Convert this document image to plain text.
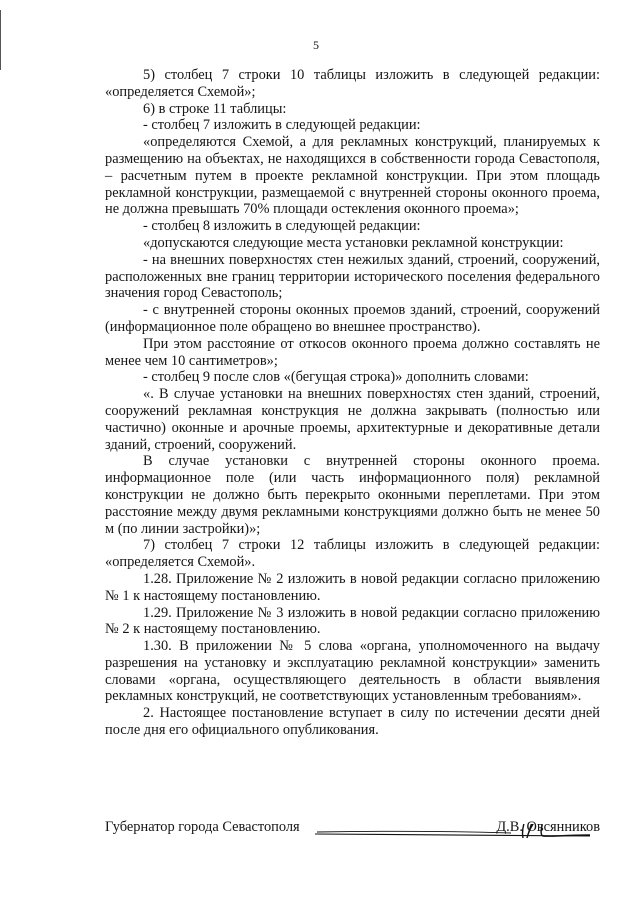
5

5) столбец 7 строки 10 таблицы изложить в следующей редакции: «определяется Схемой»;

6) в строке 11 таблицы:

- столбец 7 изложить в следующей редакции:

«определяются Схемой, а для рекламных конструкций, планируемых к размещению на объектах, не находящихся в собственности города Севастополя, – расчетным путем в проекте рекламной конструкции. При этом площадь рекламной конструкции, размещаемой с внутренней стороны оконного проема, не должна превышать 70% площади остекления оконного проема»;

- столбец 8 изложить в следующей редакции:

«допускаются следующие места установки рекламной конструкции:

- на внешних поверхностях стен нежилых зданий, строений, сооружений, расположенных вне границ территории исторического поселения федерального значения город Севастополь;

- с внутренней стороны оконных проемов зданий, строений, сооружений (информационное поле обращено во внешнее пространство).

При этом расстояние от откосов оконного проема должно составлять не менее чем 10 сантиметров»;

- столбец 9 после слов «(бегущая строка)» дополнить словами:

«. В случае установки на внешних поверхностях стен зданий, строений, сооружений рекламная конструкция не должна закрывать (полностью или частично) оконные и арочные проемы, архитектурные и декоративные детали зданий, строений, сооружений.

В случае установки с внутренней стороны оконного проема. информационное поле (или часть информационного поля) рекламной конструкции не должно быть перекрыто оконными переплетами. При этом расстояние между двумя рекламными конструкциями должно быть не менее 50 м (по линии застройки)»;

7) столбец 7 строки 12 таблицы изложить в следующей редакции: «определяется Схемой».

1.28. Приложение № 2 изложить в новой редакции согласно приложению № 1 к настоящему постановлению.

1.29. Приложение № 3 изложить в новой редакции согласно приложению № 2 к настоящему постановлению.

1.30. В приложении № 5 слова «органа, уполномоченного на выдачу разрешения на установку и эксплуатацию рекламной конструкции» заменить словами «органа, осуществляющего деятельность в области выявления рекламных конструкций, не соответствующих установленным требованиям».

2. Настоящее постановление вступает в силу по истечении десяти дней после дня его официального опубликования.

Губернатор города Севастополя	Д.В. Овсянников
